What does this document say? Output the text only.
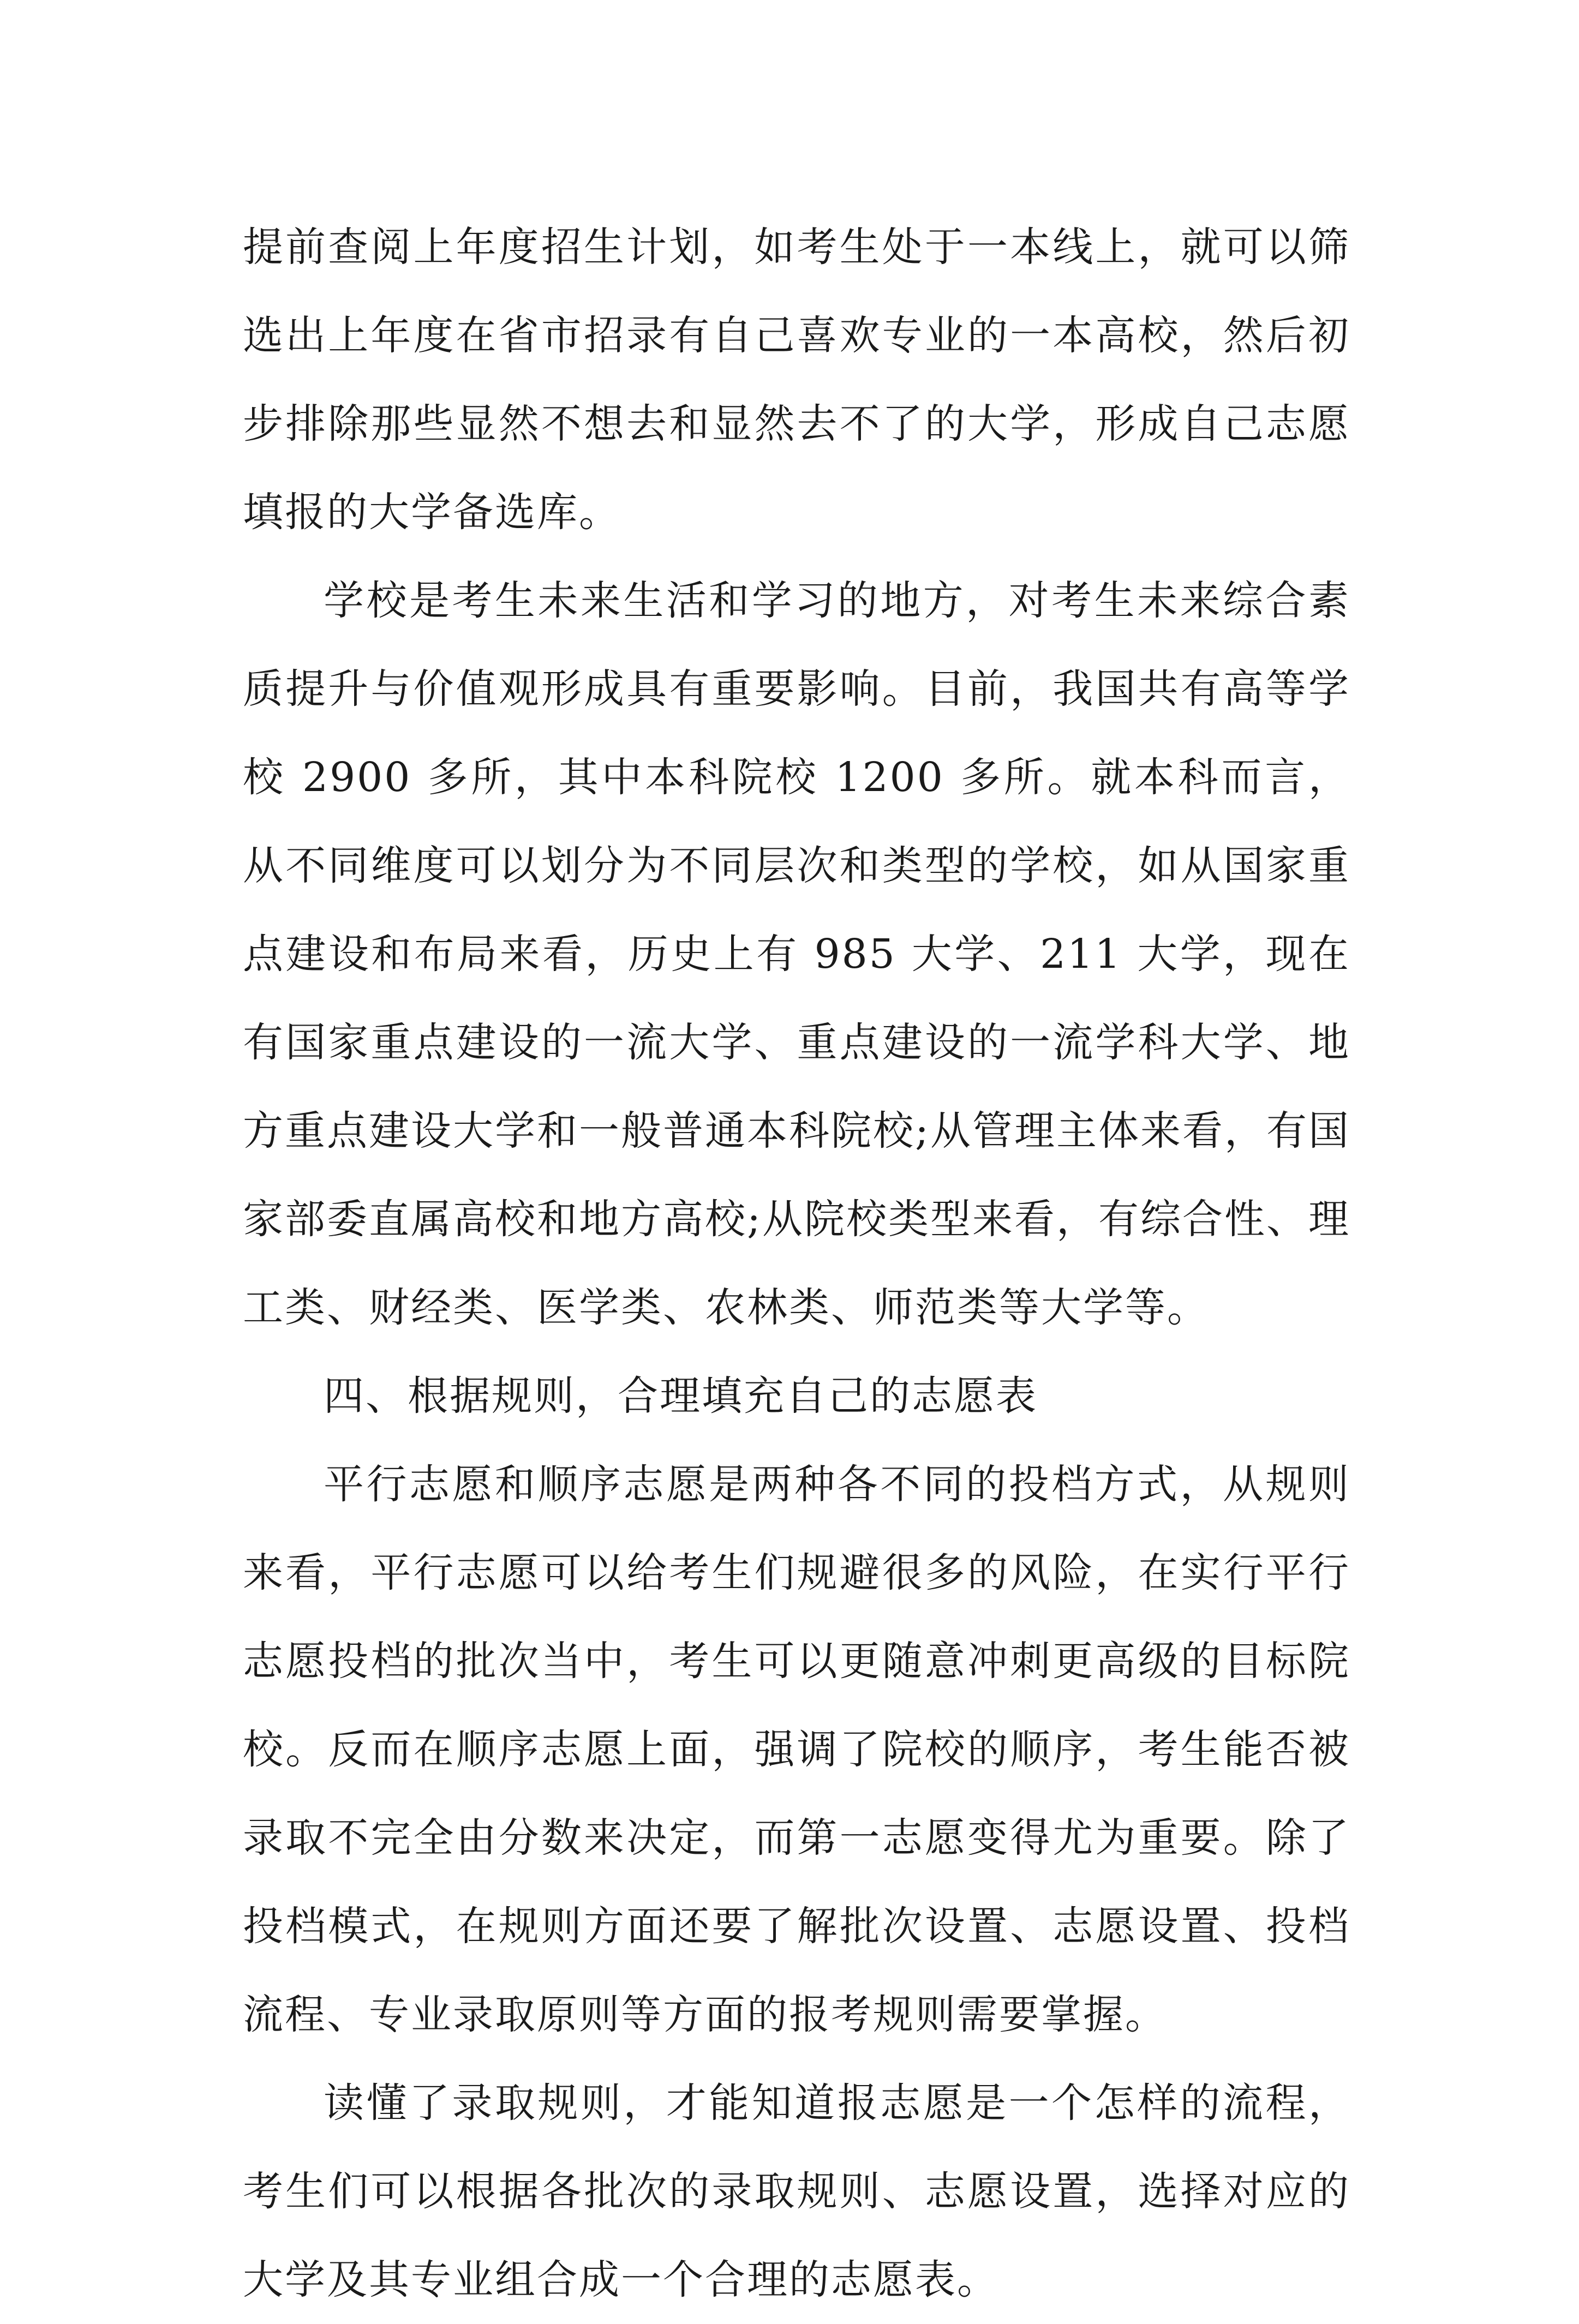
提前查阅上年度招生计划，如考生处于一本线上，就可以筛选出上年度在省市招录有自己喜欢专业的一本高校，然后初步排除那些显然不想去和显然去不了的大学，形成自己志愿填报的大学备选库。

学校是考生未来生活和学习的地方，对考生未来综合素质提升与价值观形成具有重要影响。目前，我国共有高等学校 2900 多所，其中本科院校 1200 多所。就本科而言，从不同维度可以划分为不同层次和类型的学校，如从国家重点建设和布局来看，历史上有 985 大学、211 大学，现在有国家重点建设的一流大学、重点建设的一流学科大学、地方重点建设大学和一般普通本科院校;从管理主体来看，有国家部委直属高校和地方高校;从院校类型来看，有综合性、理工类、财经类、医学类、农林类、师范类等大学等。

四、根据规则，合理填充自己的志愿表

平行志愿和顺序志愿是两种各不同的投档方式，从规则来看，平行志愿可以给考生们规避很多的风险，在实行平行志愿投档的批次当中，考生可以更随意冲刺更高级的目标院校。反而在顺序志愿上面，强调了院校的顺序，考生能否被录取不完全由分数来决定，而第一志愿变得尤为重要。除了投档模式，在规则方面还要了解批次设置、志愿设置、投档流程、专业录取原则等方面的报考规则需要掌握。

读懂了录取规则，才能知道报志愿是一个怎样的流程，考生们可以根据各批次的录取规则、志愿设置，选择对应的大学及其专业组合成一个合理的志愿表。
